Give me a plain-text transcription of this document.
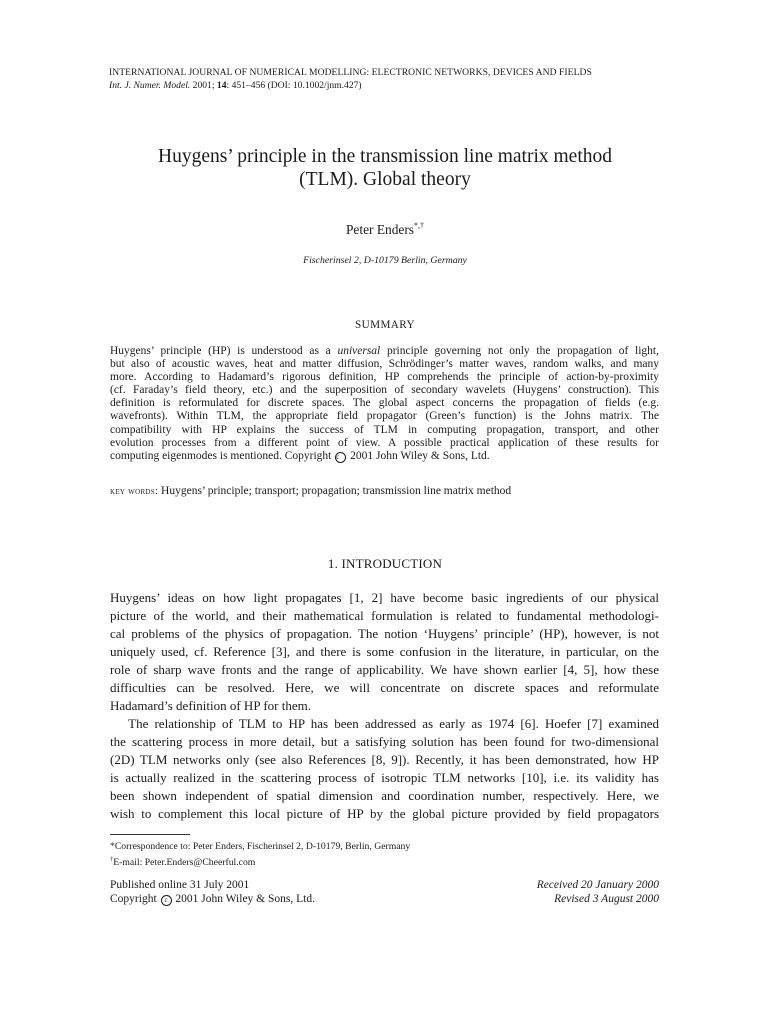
INTERNATIONAL JOURNAL OF NUMERICAL MODELLING: ELECTRONIC NETWORKS, DEVICES AND FIELDS
Int. J. Numer. Model. 2001; 14: 451–456 (DOI: 10.1002/jnm.427)
Huygens’ principle in the transmission line matrix method
(TLM). Global theory
Peter Enders*,†
Fischerinsel 2, D-10179 Berlin, Germany
SUMMARY
Huygens’ principle (HP) is understood as a universal principle governing not only the propagation of light,
but also of acoustic waves, heat and matter diffusion, Schrödinger’s matter waves, random walks, and many
more. According to Hadamard’s rigorous definition, HP comprehends the principle of action-by-proximity
(cf. Faraday’s field theory, etc.) and the superposition of secondary wavelets (Huygens’ construction). This
definition is reformulated for discrete spaces. The global aspect concerns the propagation of fields (e.g.
wavefronts). Within TLM, the appropriate field propagator (Green’s function) is the Johns matrix. The
compatibility with HP explains the success of TLM in computing propagation, transport, and other
evolution processes from a different point of view. A possible practical application of these results for
computing eigenmodes is mentioned. Copyright c 2001 John Wiley & Sons, Ltd.
key words: Huygens’ principle; transport; propagation; transmission line matrix method
1. INTRODUCTION
Huygens’ ideas on how light propagates [1, 2] have become basic ingredients of our physical
picture of the world, and their mathematical formulation is related to fundamental methodologi-
cal problems of the physics of propagation. The notion ‘Huygens’ principle’ (HP), however, is not
uniquely used, cf. Reference [3], and there is some confusion in the literature, in particular, on the
role of sharp wave fronts and the range of applicability. We have shown earlier [4, 5], how these
difficulties can be resolved. Here, we will concentrate on discrete spaces and reformulate
Hadamard’s definition of HP for them.
The relationship of TLM to HP has been addressed as early as 1974 [6]. Hoefer [7] examined
the scattering process in more detail, but a satisfying solution has been found for two-dimensional
(2D) TLM networks only (see also References [8, 9]). Recently, it has been demonstrated, how HP
is actually realized in the scattering process of isotropic TLM networks [10], i.e. its validity has
been shown independent of spatial dimension and coordination number, respectively. Here, we
wish to complement this local picture of HP by the global picture provided by field propagators
*Correspondence to: Peter Enders, Fischerinsel 2, D-10179, Berlin, Germany
†E-mail: Peter.Enders@Cheerful.com
Published online 31 July 2001
Copyright c 2001 John Wiley & Sons, Ltd.
Received 20 January 2000
Revised 3 August 2000
